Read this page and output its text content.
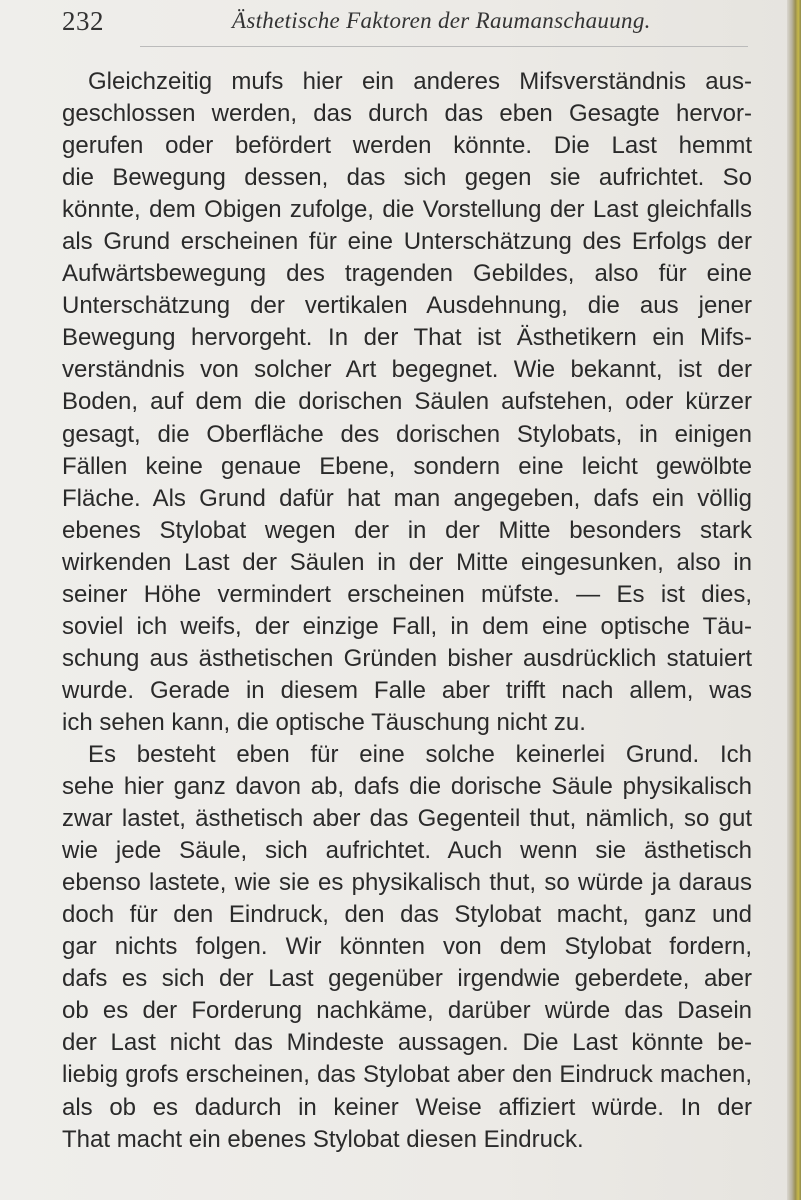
232	Ästhetische Faktoren der Raumanschauung.
Gleichzeitig mufs hier ein anderes Mifsverständnis aus-
geschlossen werden, das durch das eben Gesagte hervor-
gerufen oder befördert werden könnte. Die Last hemmt
die Bewegung dessen, das sich gegen sie aufrichtet. So
könnte, dem Obigen zufolge, die Vorstellung der Last gleichfalls
als Grund erscheinen für eine Unterschätzung des Erfolgs der
Aufwärtsbewegung des tragenden Gebildes, also für eine
Unterschätzung der vertikalen Ausdehnung, die aus jener
Bewegung hervorgeht. In der That ist Ästhetikern ein Mifs-
verständnis von solcher Art begegnet. Wie bekannt, ist der
Boden, auf dem die dorischen Säulen aufstehen, oder kürzer
gesagt, die Oberfläche des dorischen Stylobats, in einigen
Fällen keine genaue Ebene, sondern eine leicht gewölbte
Fläche. Als Grund dafür hat man angegeben, dafs ein völlig
ebenes Stylobat wegen der in der Mitte besonders stark
wirkenden Last der Säulen in der Mitte eingesunken, also in
seiner Höhe vermindert erscheinen müfste. — Es ist dies,
soviel ich weifs, der einzige Fall, in dem eine optische Täu-
schung aus ästhetischen Gründen bisher ausdrücklich statuiert
wurde. Gerade in diesem Falle aber trifft nach allem, was
ich sehen kann, die optische Täuschung nicht zu.
Es besteht eben für eine solche keinerlei Grund. Ich
sehe hier ganz davon ab, dafs die dorische Säule physikalisch
zwar lastet, ästhetisch aber das Gegenteil thut, nämlich, so gut
wie jede Säule, sich aufrichtet. Auch wenn sie ästhetisch
ebenso lastete, wie sie es physikalisch thut, so würde ja daraus
doch für den Eindruck, den das Stylobat macht, ganz und
gar nichts folgen. Wir könnten von dem Stylobat fordern,
dafs es sich der Last gegenüber irgendwie geberdete, aber
ob es der Forderung nachkäme, darüber würde das Dasein
der Last nicht das Mindeste aussagen. Die Last könnte be-
liebig grofs erscheinen, das Stylobat aber den Eindruck machen,
als ob es dadurch in keiner Weise affiziert würde. In der
That macht ein ebenes Stylobat diesen Eindruck.
